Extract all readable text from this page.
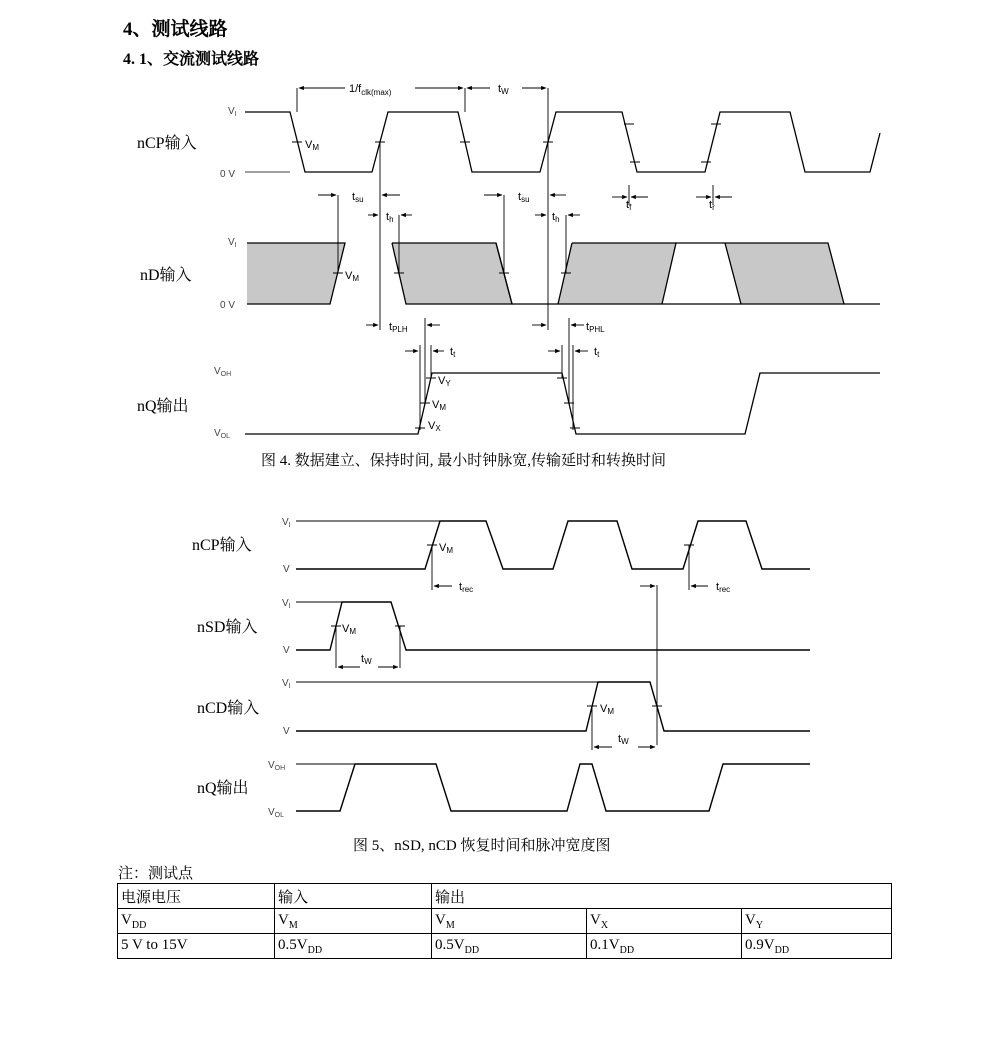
4、测试线路
4. 1、交流测试线路
$V_I$
0 V
$V_I$
0 V
$V_{OH}$
$V_{OL}$
nCP输入
nD输入
nQ输出
$1/f_{clk(max)}$	tW
VM
tsu	tsu
th	th
tf	tr
VM
tPLH	tPHL
tt	tt
VY
VM
VX
$V_I$
V
$V_I$
V
$V_I$
V
$V_{OH}$
$V_{OL}$
nCP输入
nSD输入
nCD输入
nQ输出
VM
trec	trec
VM
tW
VM
tW
图 4. 数据建立、保持时间, 最小时钟脉宽,传输延时和转换时间
图 5、nSD, nCD 恢复时间和脉冲宽度图
注：测试点
电源电压	输入	输出		
$V_{DD}$	$V_M$	$V_M$	$V_X$	$V_Y$
5 V to 15V	$0.5V_{DD}$	$0.5V_{DD}$	$0.1V_{DD}$	$0.9V_{DD}$
